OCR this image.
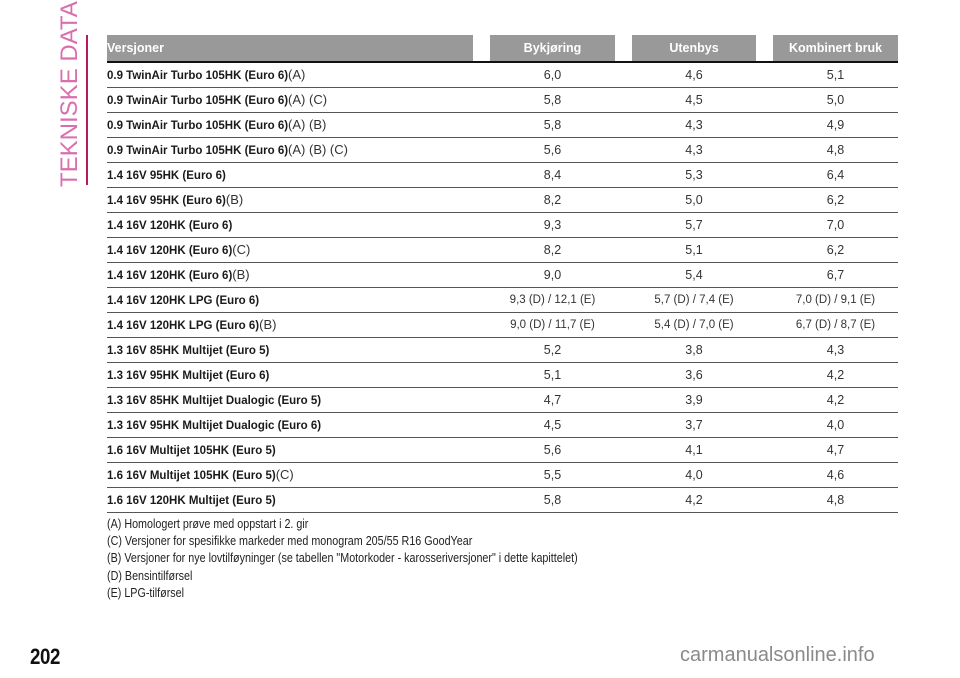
TEKNISKE DATA Versjoner	Bykjøring	Utenbys	Kombinert bruk
0.9 TwinAir Turbo 105HK (Euro 6)(A)	6,0	4,6	5,1
0.9 TwinAir Turbo 105HK (Euro 6)(A) (C)	5,8	4,5	5,0
0.9 TwinAir Turbo 105HK (Euro 6)(A) (B)	5,8	4,3	4,9
0.9 TwinAir Turbo 105HK (Euro 6)(A) (B) (C)	5,6	4,3	4,8
1.4 16V 95HK (Euro 6)	8,4	5,3	6,4
1.4 16V 95HK (Euro 6)(B)	8,2	5,0	6,2
1.4 16V 120HK (Euro 6)	9,3	5,7	7,0
1.4 16V 120HK (Euro 6)(C)	8,2	5,1	6,2
1.4 16V 120HK (Euro 6)(B)	9,0	5,4	6,7
1.4 16V 120HK LPG (Euro 6)	9,3 (D) / 12,1 (E)	5,7 (D) / 7,4 (E)	7,0 (D) / 9,1 (E)
1.4 16V 120HK LPG (Euro 6)(B)	9,0 (D) / 11,7 (E)	5,4 (D) / 7,0 (E)	6,7 (D) / 8,7 (E)
1.3 16V 85HK Multijet (Euro 5)	5,2	3,8	4,3
1.3 16V 95HK Multijet (Euro 6)	5,1	3,6	4,2
1.3 16V 85HK Multijet Dualogic (Euro 5)	4,7	3,9	4,2
1.3 16V 95HK Multijet Dualogic (Euro 6)	4,5	3,7	4,0
1.6 16V Multijet 105HK (Euro 5)	5,6	4,1	4,7
1.6 16V Multijet 105HK (Euro 5)(C)	5,5	4,0	4,6
1.6 16V 120HK Multijet (Euro 5)	5,8	4,2	4,8
(A) Homologert prøve med oppstart i 2. gir
(C) Versjoner for spesifikke markeder med monogram 205/55 R16 GoodYear
(B) Versjoner for nye lovtilføyninger (se tabellen "Motorkoder - karosseriversjoner" i dette kapittelet)
(D) Bensintilførsel
(E) LPG-tilførsel
202	carmanualsonline.info
